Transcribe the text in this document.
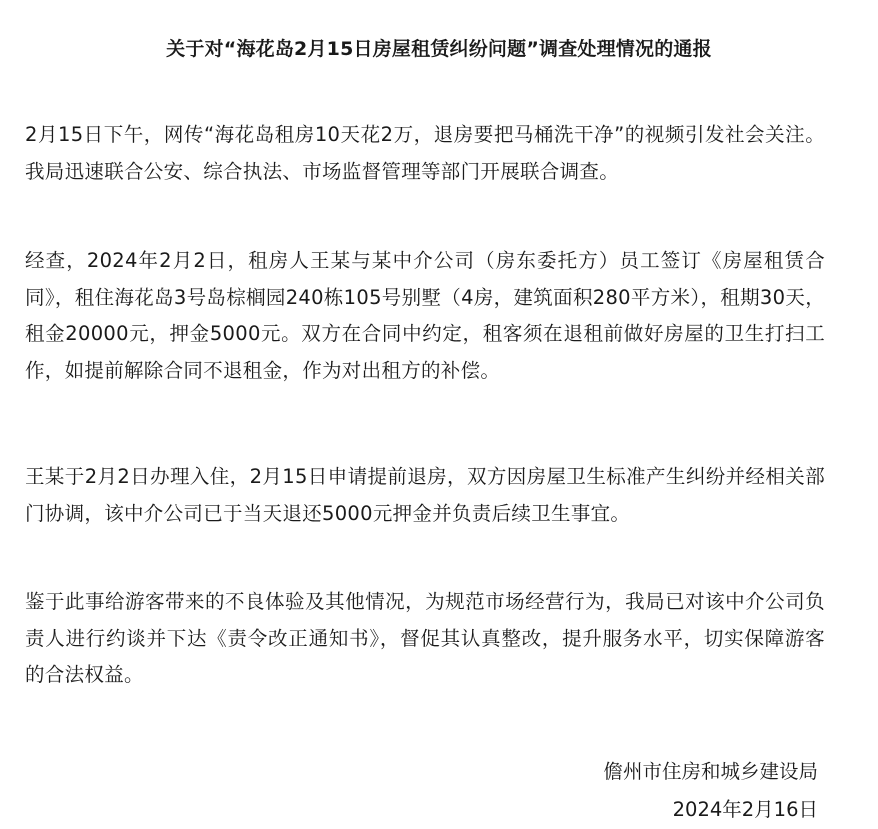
关于对“海花岛2月15日房屋租赁纠纷问题”调查处理情况的通报

2月15日下午，网传“海花岛租房10天花2万，退房要把马桶洗干净”的视频引发社会关注。我局迅速联合公安、综合执法、市场监督管理等部门开展联合调查。

经查，2024年2月2日，租房人王某与某中介公司（房东委托方）员工签订《房屋租赁合同》，租住海花岛3号岛棕榈园240栋105号别墅（4房，建筑面积280平方米），租期30天，租金20000元，押金5000元。双方在合同中约定，租客须在退租前做好房屋的卫生打扫工作，如提前解除合同不退租金，作为对出租方的补偿。

王某于2月2日办理入住，2月15日申请提前退房，双方因房屋卫生标准产生纠纷并经相关部门协调，该中介公司已于当天退还5000元押金并负责后续卫生事宜。

鉴于此事给游客带来的不良体验及其他情况，为规范市场经营行为，我局已对该中介公司负责人进行约谈并下达《责令改正通知书》，督促其认真整改，提升服务水平，切实保障游客的合法权益。

儋州市住房和城乡建设局
2024年2月16日
